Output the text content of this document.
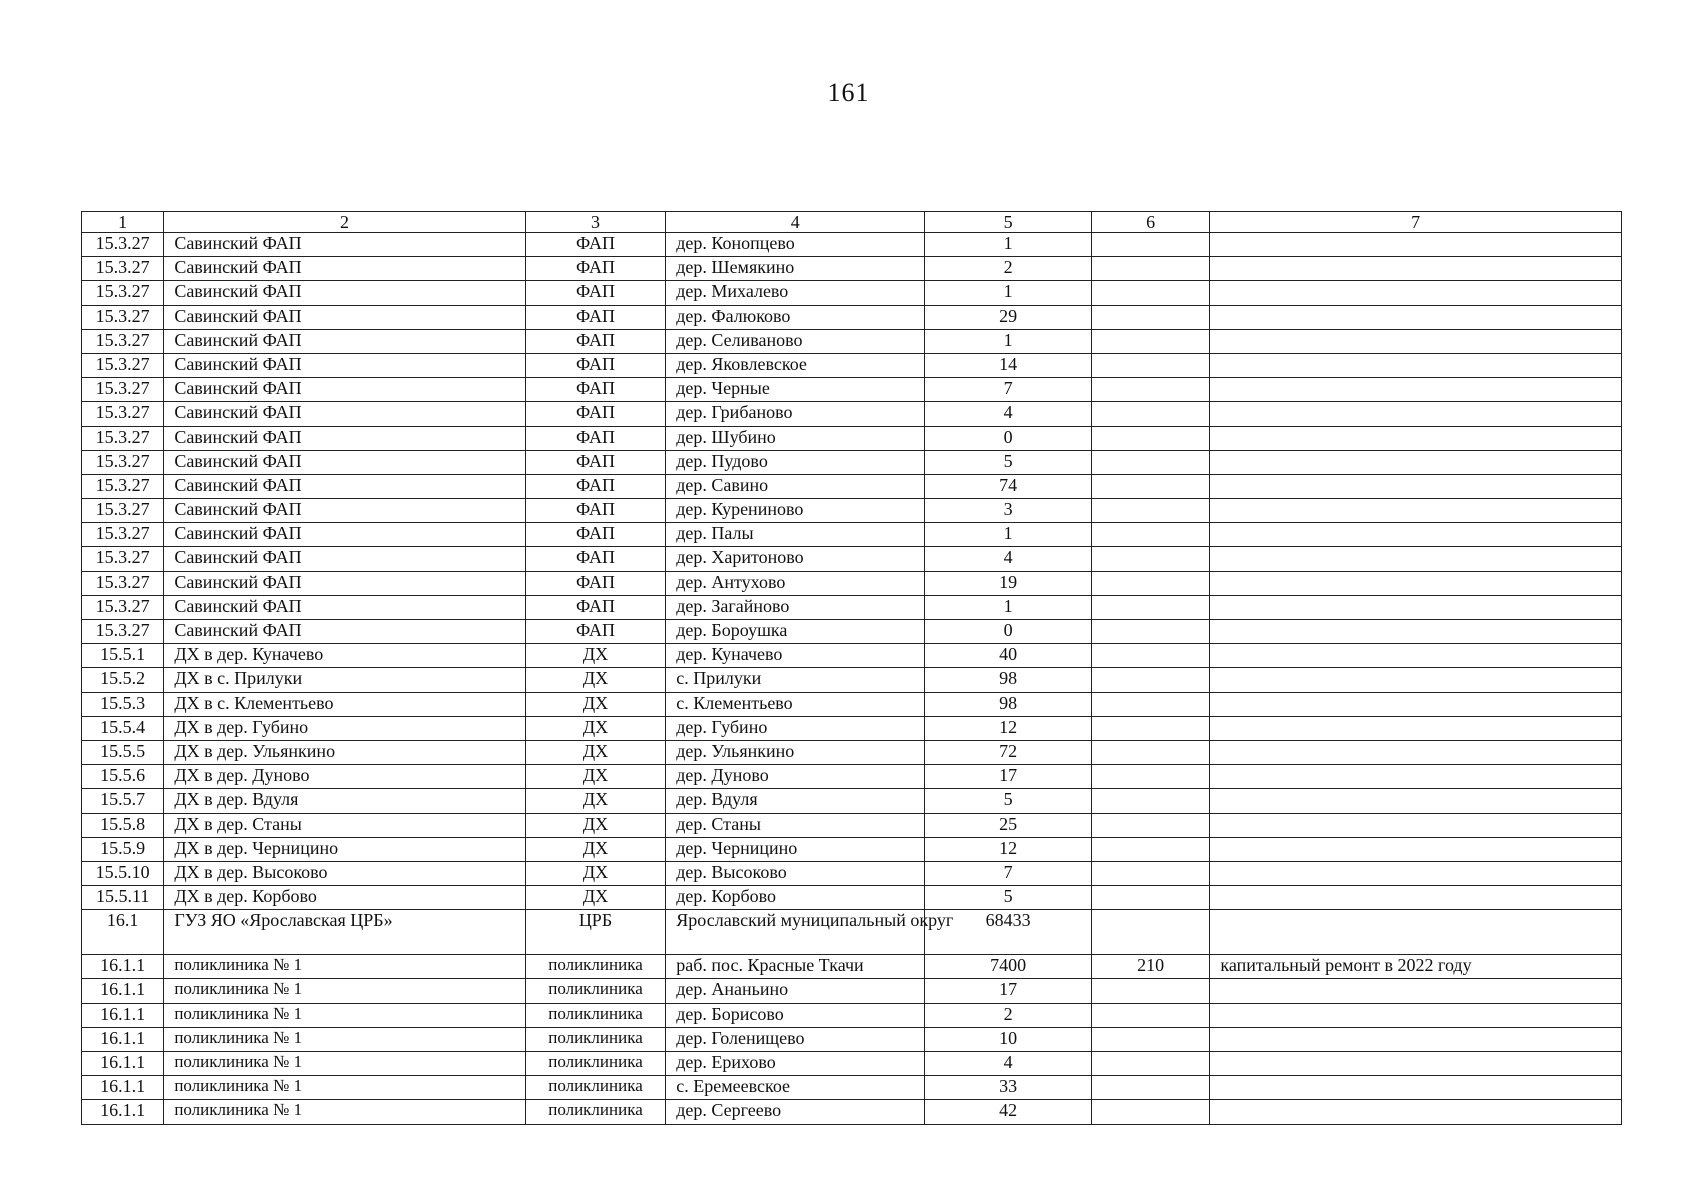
161
1	2	3	4	5	6	7
15.3.27	Савинский ФАП	ФАП	дер. Конопцево	1		
15.3.27	Савинский ФАП	ФАП	дер. Шемякино	2		
15.3.27	Савинский ФАП	ФАП	дер. Михалево	1		
15.3.27	Савинский ФАП	ФАП	дер. Фалюково	29		
15.3.27	Савинский ФАП	ФАП	дер. Селиваново	1		
15.3.27	Савинский ФАП	ФАП	дер. Яковлевское	14		
15.3.27	Савинский ФАП	ФАП	дер. Черные	7		
15.3.27	Савинский ФАП	ФАП	дер. Грибаново	4		
15.3.27	Савинский ФАП	ФАП	дер. Шубино	0		
15.3.27	Савинский ФАП	ФАП	дер. Пудово	5		
15.3.27	Савинский ФАП	ФАП	дер. Савино	74		
15.3.27	Савинский ФАП	ФАП	дер. Курениново	3		
15.3.27	Савинский ФАП	ФАП	дер. Палы	1		
15.3.27	Савинский ФАП	ФАП	дер. Харитоново	4		
15.3.27	Савинский ФАП	ФАП	дер. Антухово	19		
15.3.27	Савинский ФАП	ФАП	дер. Загайново	1		
15.3.27	Савинский ФАП	ФАП	дер. Бороушка	0		
15.5.1	ДХ в дер. Куначево	ДХ	дер. Куначево	40		
15.5.2	ДХ в с. Прилуки	ДХ	с. Прилуки	98		
15.5.3	ДХ в с. Клементьево	ДХ	с. Клементьево	98		
15.5.4	ДХ в дер. Губино	ДХ	дер. Губино	12		
15.5.5	ДХ в дер. Ульянкино	ДХ	дер. Ульянкино	72		
15.5.6	ДХ в дер. Дуново	ДХ	дер. Дуново	17		
15.5.7	ДХ в дер. Вдуля	ДХ	дер. Вдуля	5		
15.5.8	ДХ в дер. Станы	ДХ	дер. Станы	25		
15.5.9	ДХ в дер. Черницино	ДХ	дер. Черницино	12		
15.5.10	ДХ в дер. Высоково	ДХ	дер. Высоково	7		
15.5.11	ДХ в дер. Корбово	ДХ	дер. Корбово	5		
16.1	ГУЗ ЯО «Ярославская ЦРБ»	ЦРБ	Ярославский муниципальный округ	68433		
16.1.1	поликлиника № 1	поликлиника	раб. пос. Красные Ткачи	7400	210	капитальный ремонт в 2022 году
16.1.1	поликлиника № 1	поликлиника	дер. Ананьино	17		
16.1.1	поликлиника № 1	поликлиника	дер. Борисово	2		
16.1.1	поликлиника № 1	поликлиника	дер. Голенищево	10		
16.1.1	поликлиника № 1	поликлиника	дер. Ерихово	4		
16.1.1	поликлиника № 1	поликлиника	с. Еремеевское	33		
16.1.1	поликлиника № 1	поликлиника	дер. Сергеево	42		
